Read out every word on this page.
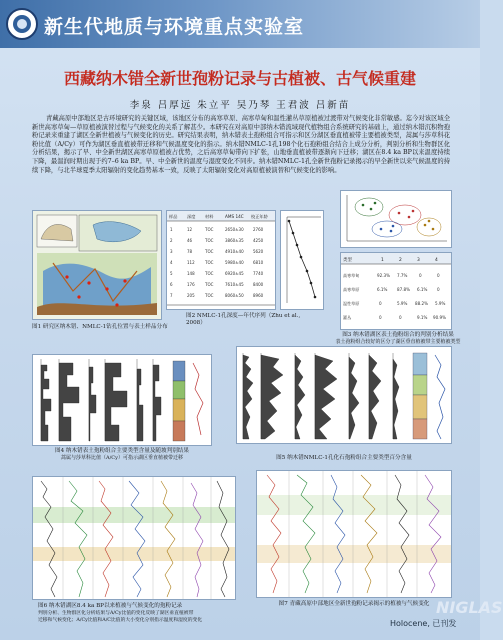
新生代地质与环境重点实验室
西藏纳木错全新世孢粉记录与古植被、古气候重建
李泉 吕厚远 朱立平 吴乃琴 王君波 吕新苗
青藏高原中部地区是古环境研究的关键区域，该地区分布的高寒草原、高寒草甸和温性灌丛草原植被过渡带对气候变化非常敏感。迄今对该区域全新世高寒草甸—草原植被演替过程与气候变化的关系了解甚少。本研究在对高原中部纳木错流域现代植物组合系统研究的基础上，通过纳木错沉积物孢粉记录来重建了湖区全新世植被与气候变化的历史。研究结果表明，纳木错表土孢粉组合可指示和区分湖区垂直植被带主要植被类型，蒿属与莎草科花粉比值（A/Cy）可作为湖区垂直植被带迁移和气候温度变化的指示。纳木错NMLC-1孔198个化石孢粉组合结合上成分分析，判别分析和生物群区化分析结果，揭示了早、中全新世湖区高寒草原植被占优势，之后高寒草甸带向下扩张，山地垂直植被带逐渐向下迁移；湖区在8.4 ka BP以来温度持续下降，最温润时期出现于约7–6 ka BP。早、中全新世的温度与湿度变化不同步。纳木错NMLC-1孔全新世孢粉记录揭示的早全新世以来气候温度的持续下降，与北半球夏季太阳辐射的变化趋势基本一致，反映了太阳辐射变化对高原植被演替和气候变化的影响。
图1 研究区纳木错、NMLC-1钻孔位置与表土样品分布
样品 深度 材料	AMS 14C 校正年龄
1	12	TOC	2650±30 2760
2	46	TOC	3860±35 4250
3	78	TOC	4910±40 5620
4	112	TOC	5980±40 6810
5	148	TOC	6920±45 7740
6	176	TOC	7610±45 8400
7	205	TOC	8060±50 8960
图2 NMLC-1孔深度—年代序列（Zhu et al., 2008）
类型	1	2	3	4
高寒草甸	92.3% 7.7%	0	0
高寒草原	6.1% 87.8% 6.1% 0
温性草原	0	5.9% 88.2% 5.9%
灌丛	0	0	9.1% 90.9%
图3 纳木错湖区表土孢粉组合的判别分析结果
表土孢粉组合较好的区分了湖区垂直植被带主要植被类型
图4 纳木错表土孢粉组合主要类型含量及随坡判别结果
蒿属与莎草科比值（A/Cy）可指示湖区垂直植被带迁移	图5 纳木错NMLC-1孔化石孢粉组合主要类型百分含量
图6 纳木错湖区8.4 ka BP以来植被与气候变化的孢粉记录
判别分析、生物群区化分析结果与A/Cy比值的变化反映了湖区垂直植被带
迁移和气候变化；A/Cy比值和A/C比值的大小变化分别指示温度和湿度的变化
图7 青藏高原中部地区全新世孢粉记录揭示的植被与气候变化 NIGLAS
Holocene, 已刊发
